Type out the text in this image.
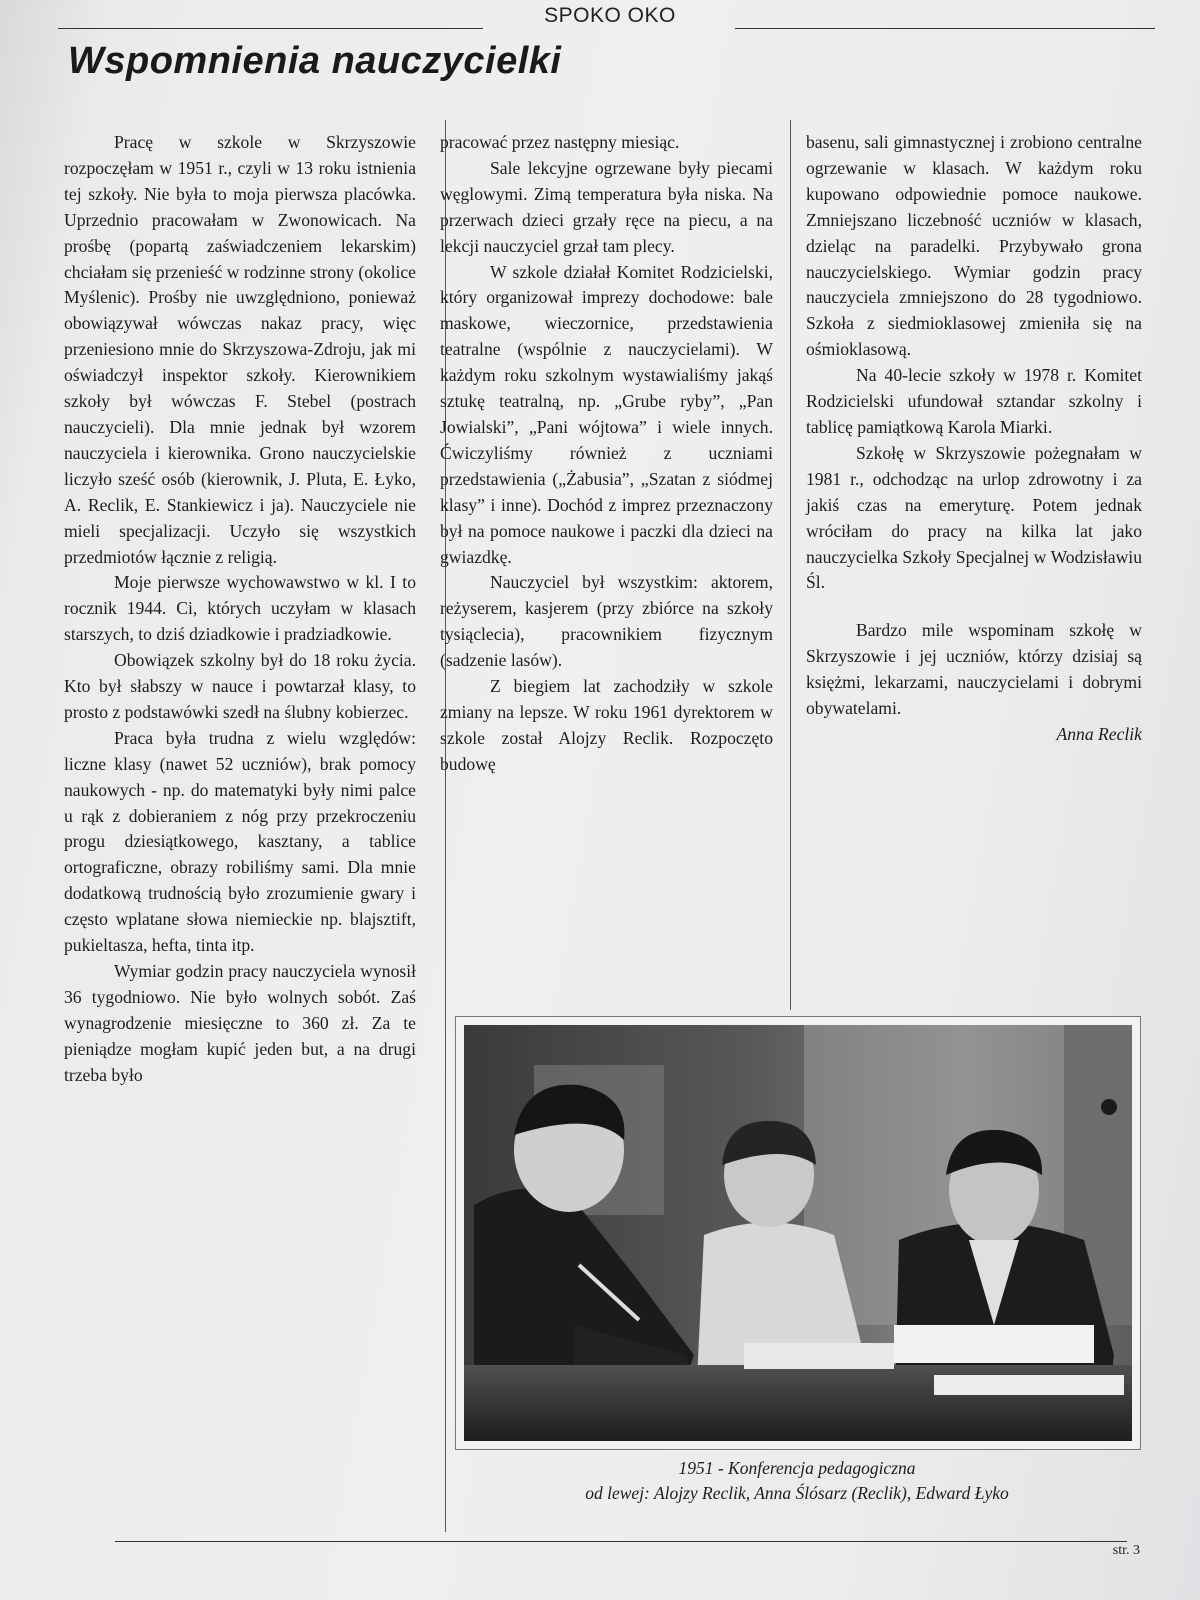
SPOKO OKO
Wspomnienia nauczycielki

Pracę w szkole w Skrzyszowie rozpoczęłam w 1951 r., czyli w 13 roku istnienia tej szkoły. Nie była to moja pierwsza placówka. Uprzednio pracowałam w Zwonowicach. Na prośbę (popartą zaświadczeniem lekarskim) chciałam się przenieść w rodzinne strony (okolice Myślenic). Prośby nie uwzględniono, ponieważ obowiązywał wówczas nakaz pracy, więc przeniesiono mnie do Skrzyszowa-Zdroju, jak mi oświadczył inspektor szkoły. Kierownikiem szkoły był wówczas F. Stebel (postrach nauczycieli). Dla mnie jednak był wzorem nauczyciela i kierownika. Grono nauczycielskie liczyło sześć osób (kierownik, J. Pluta, E. Łyko, A. Reclik, E. Stankiewicz i ja). Nauczyciele nie mieli specjalizacji. Uczyło się wszystkich przedmiotów łącznie z religią.

Moje pierwsze wychowawstwo w kl. I to rocznik 1944. Ci, których uczyłam w klasach starszych, to dziś dziadkowie i pradziadkowie.

Obowiązek szkolny był do 18 roku życia. Kto był słabszy w nauce i powtarzał klasy, to prosto z podstawówki szedł na ślubny kobierzec.

Praca była trudna z wielu względów: liczne klasy (nawet 52 uczniów), brak pomocy naukowych - np. do matematyki były nimi palce u rąk z dobieraniem z nóg przy przekroczeniu progu dziesiątkowego, kasztany, a tablice ortograficzne, obrazy robiliśmy sami. Dla mnie dodatkową trudnością było zrozumienie gwary i często wplatane słowa niemieckie np. blajsztift, pukieltasza, hefta, tinta itp.

Wymiar godzin pracy nauczyciela wynosił 36 tygodniowo. Nie było wolnych sobót. Zaś wynagrodzenie miesięczne to 360 zł. Za te pieniądze mogłam kupić jeden but, a na drugi trzeba było

pracować przez następny miesiąc.

Sale lekcyjne ogrzewane były piecami węglowymi. Zimą temperatura była niska. Na przerwach dzieci grzały ręce na piecu, a na lekcji nauczyciel grzał tam plecy.

W szkole działał Komitet Rodzicielski, który organizował imprezy dochodowe: bale maskowe, wieczornice, przedstawienia teatralne (wspólnie z nauczycielami). W każdym roku szkolnym wystawialiśmy jakąś sztukę teatralną, np. „Grube ryby”, „Pan Jowialski”, „Pani wójtowa” i wiele innych. Ćwiczyliśmy również z uczniami przedstawienia („Żabusia”, „Szatan z siódmej klasy” i inne). Dochód z imprez przeznaczony był na pomoce naukowe i paczki dla dzieci na gwiazdkę.

Nauczyciel był wszystkim: aktorem, reżyserem, kasjerem (przy zbiórce na szkoły tysiąclecia), pracownikiem fizycznym (sadzenie lasów).

Z biegiem lat zachodziły w szkole zmiany na lepsze. W roku 1961 dyrektorem w szkole został Alojzy Reclik. Rozpoczęto budowę

basenu, sali gimnastycznej i zrobiono centralne ogrzewanie w klasach. W każdym roku kupowano odpowiednie pomoce naukowe. Zmniejszano liczebność uczniów w klasach, dzieląc na paradelki. Przybywało grona nauczycielskiego. Wymiar godzin pracy nauczyciela zmniejszono do 28 tygodniowo. Szkoła z siedmioklasowej zmieniła się na ośmioklasową.

Na 40-lecie szkoły w 1978 r. Komitet Rodzicielski ufundował sztandar szkolny i tablicę pamiątkową Karola Miarki.

Szkołę w Skrzyszowie pożegnałam w 1981 r., odchodząc na urlop zdrowotny i za jakiś czas na emeryturę. Potem jednak wróciłam do pracy na kilka lat jako nauczycielka Szkoły Specjalnej w Wodzisławiu Śl.

Bardzo mile wspominam szkołę w Skrzyszowie i jej uczniów, którzy dzisiaj są księżmi, lekarzami, nauczycielami i dobrymi obywatelami.

Anna Reclik

1951 - Konferencja pedagogiczna
od lewej: Alojzy Reclik, Anna Ślósarz (Reclik), Edward Łyko
str. 3
